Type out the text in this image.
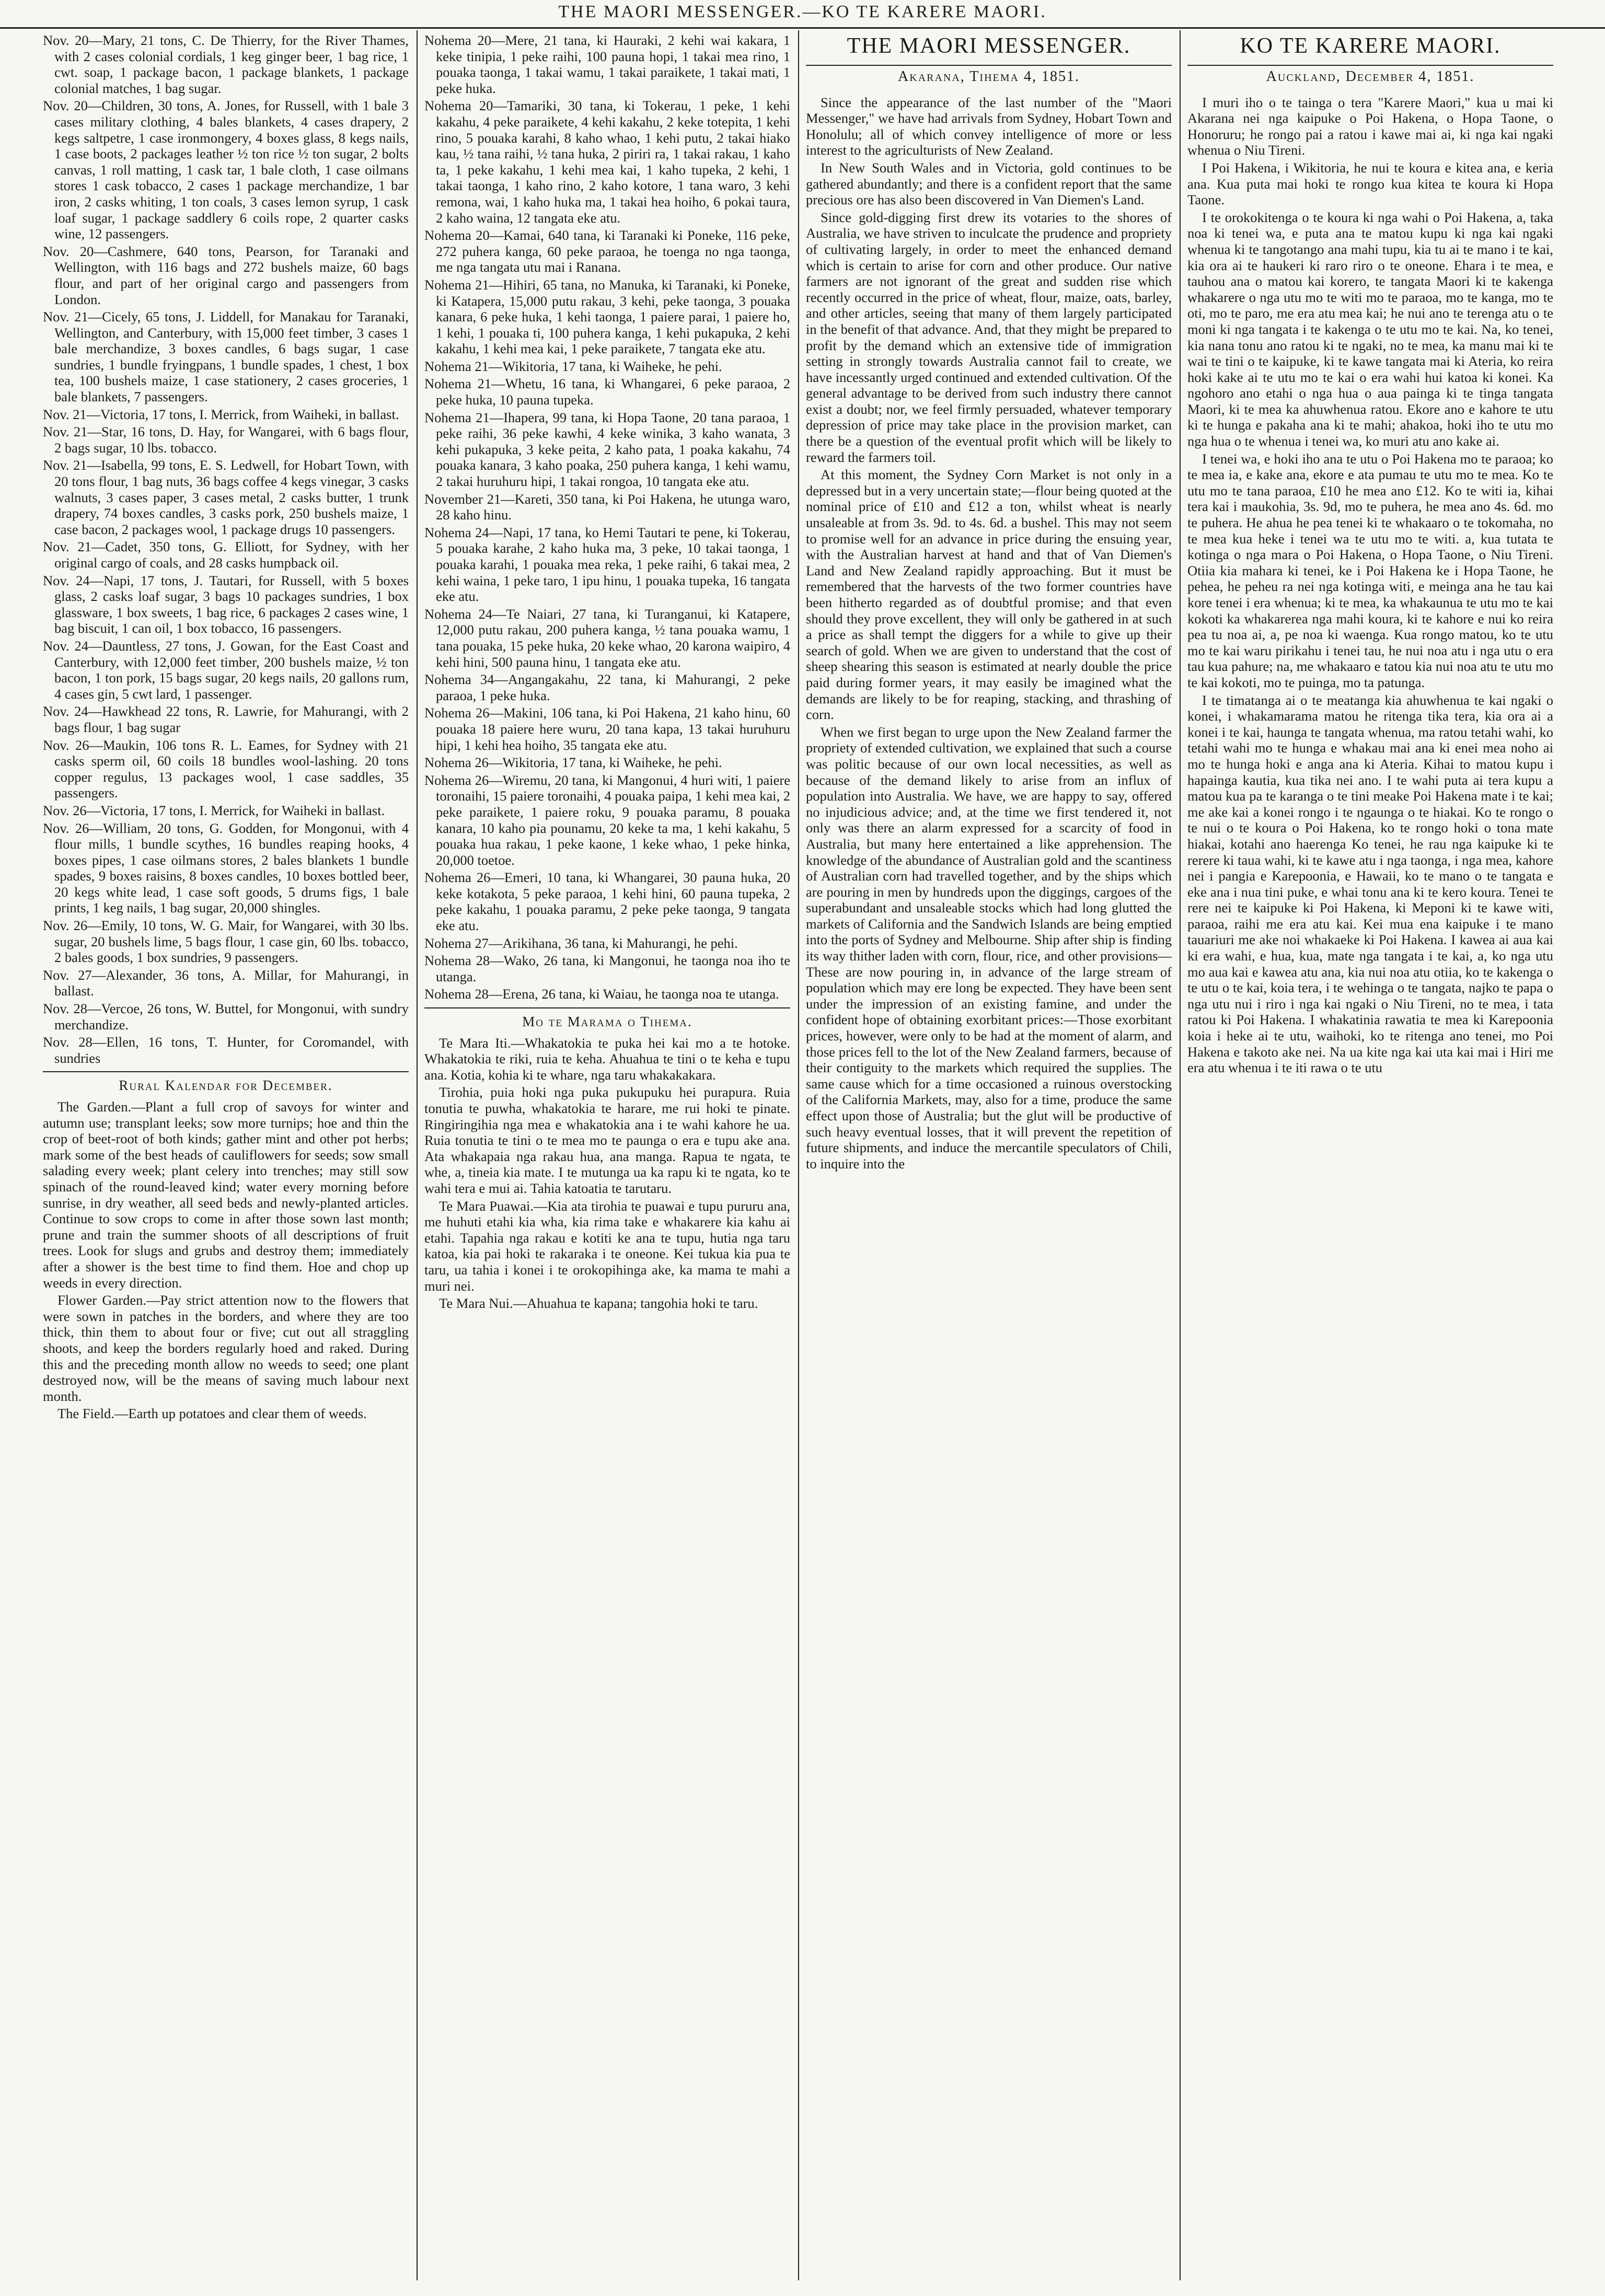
THE MAORI MESSENGER.—KO TE KARERE MAORI.

Nov. 20—Mary, 21 tons, C. De Thierry, for the River Thames, with 2 cases colonial cordials, 1 keg ginger beer, 1 bag rice, 1 cwt. soap, 1 package bacon, 1 package blankets, 1 package colonial matches, 1 bag sugar.

Nov. 20—Children, 30 tons, A. Jones, for Russell, with 1 bale 3 cases military clothing, 4 bales blankets, 4 cases drapery, 2 kegs saltpetre, 1 case ironmongery, 4 boxes glass, 8 kegs nails, 1 case boots, 2 packages leather ½ ton rice ½ ton sugar, 2 bolts canvas, 1 roll matting, 1 cask tar, 1 bale cloth, 1 case oilmans stores 1 cask tobacco, 2 cases 1 package merchandize, 1 bar iron, 2 casks whiting, 1 ton coals, 3 cases lemon syrup, 1 cask loaf sugar, 1 package saddlery 6 coils rope, 2 quarter casks wine, 12 passengers.

Nov. 20—Cashmere, 640 tons, Pearson, for Taranaki and Wellington, with 116 bags and 272 bushels maize, 60 bags flour, and part of her original cargo and passengers from London.

Nov. 21—Cicely, 65 tons, J. Liddell, for Manakau for Taranaki, Wellington, and Canterbury, with 15,000 feet timber, 3 cases 1 bale merchandize, 3 boxes candles, 6 bags sugar, 1 case sundries, 1 bundle fryingpans, 1 bundle spades, 1 chest, 1 box tea, 100 bushels maize, 1 case stationery, 2 cases groceries, 1 bale blankets, 7 passengers.

Nov. 21—Victoria, 17 tons, I. Merrick, from Waiheki, in ballast.

Nov. 21—Star, 16 tons, D. Hay, for Wangarei, with 6 bags flour, 2 bags sugar, 10 lbs. tobacco.

Nov. 21—Isabella, 99 tons, E. S. Ledwell, for Hobart Town, with 20 tons flour, 1 bag nuts, 36 bags coffee 4 kegs vinegar, 3 casks walnuts, 3 cases paper, 3 cases metal, 2 casks butter, 1 trunk drapery, 74 boxes candles, 3 casks pork, 250 bushels maize, 1 case bacon, 2 packages wool, 1 package drugs 10 passengers.

Nov. 21—Cadet, 350 tons, G. Elliott, for Sydney, with her original cargo of coals, and 28 casks humpback oil.

Nov. 24—Napi, 17 tons, J. Tautari, for Russell, with 5 boxes glass, 2 casks loaf sugar, 3 bags 10 packages sundries, 1 box glassware, 1 box sweets, 1 bag rice, 6 packages 2 cases wine, 1 bag biscuit, 1 can oil, 1 box tobacco, 16 passengers.

Nov. 24—Dauntless, 27 tons, J. Gowan, for the East Coast and Canterbury, with 12,000 feet timber, 200 bushels maize, ½ ton bacon, 1 ton pork, 15 bags sugar, 20 kegs nails, 20 gallons rum, 4 cases gin, 5 cwt lard, 1 passenger.

Nov. 24—Hawkhead 22 tons, R. Lawrie, for Mahurangi, with 2 bags flour, 1 bag sugar

Nov. 26—Maukin, 106 tons R. L. Eames, for Sydney with 21 casks sperm oil, 60 coils 18 bundles wool-lashing. 20 tons copper regulus, 13 packages wool, 1 case saddles, 35 passengers.

Nov. 26—Victoria, 17 tons, I. Merrick, for Waiheki in ballast.

Nov. 26—William, 20 tons, G. Godden, for Mongonui, with 4 flour mills, 1 bundle scythes, 16 bundles reaping hooks, 4 boxes pipes, 1 case oilmans stores, 2 bales blankets 1 bundle spades, 9 boxes raisins, 8 boxes candles, 10 boxes bottled beer, 20 kegs white lead, 1 case soft goods, 5 drums figs, 1 bale prints, 1 keg nails, 1 bag sugar, 20,000 shingles.

Nov. 26—Emily, 10 tons, W. G. Mair, for Wangarei, with 30 lbs. sugar, 20 bushels lime, 5 bags flour, 1 case gin, 60 lbs. tobacco, 2 bales goods, 1 box sundries, 9 passengers.

Nov. 27—Alexander, 36 tons, A. Millar, for Mahurangi, in ballast.

Nov. 28—Vercoe, 26 tons, W. Buttel, for Mongonui, with sundry merchandize.

Nov. 28—Ellen, 16 tons, T. Hunter, for Coromandel, with sundries

Rural Kalendar for December.

The Garden.—Plant a full crop of savoys for winter and autumn use; transplant leeks; sow more turnips; hoe and thin the crop of beet-root of both kinds; gather mint and other pot herbs; mark some of the best heads of cauliflowers for seeds; sow small salading every week; plant celery into trenches; may still sow spinach of the round-leaved kind; water every morning before sunrise, in dry weather, all seed beds and newly-planted articles. Continue to sow crops to come in after those sown last month; prune and train the summer shoots of all descriptions of fruit trees. Look for slugs and grubs and destroy them; immediately after a shower is the best time to find them. Hoe and chop up weeds in every direction.

Flower Garden.—Pay strict attention now to the flowers that were sown in patches in the borders, and where they are too thick, thin them to about four or five; cut out all straggling shoots, and keep the borders regularly hoed and raked. During this and the preceding month allow no weeds to seed; one plant destroyed now, will be the means of saving much labour next month.

The Field.—Earth up potatoes and clear them of weeds.

Nohema 20—Mere, 21 tana, ki Hauraki, 2 kehi wai kakara, 1 keke tinipia, 1 peke raihi, 100 pauna hopi, 1 takai mea rino, 1 pouaka taonga, 1 takai wamu, 1 takai paraikete, 1 takai mati, 1 peke huka.

Nohema 20—Tamariki, 30 tana, ki Tokerau, 1 peke, 1 kehi kakahu, 4 peke paraikete, 4 kehi kakahu, 2 keke totepita, 1 kehi rino, 5 pouaka karahi, 8 kaho whao, 1 kehi putu, 2 takai hiako kau, ½ tana raihi, ½ tana huka, 2 piriri ra, 1 takai rakau, 1 kaho ta, 1 peke kakahu, 1 kehi mea kai, 1 kaho tupeka, 2 kehi, 1 takai taonga, 1 kaho rino, 2 kaho kotore, 1 tana waro, 3 kehi remona, wai, 1 kaho huka ma, 1 takai hea hoiho, 6 pokai taura, 2 kaho waina, 12 tangata eke atu.

Nohema 20—Kamai, 640 tana, ki Taranaki ki Poneke, 116 peke, 272 puhera kanga, 60 peke paraoa, he toenga no nga taonga, me nga tangata utu mai i Ranana.

Nohema 21—Hihiri, 65 tana, no Manuka, ki Taranaki, ki Poneke, ki Katapera, 15,000 putu rakau, 3 kehi, peke taonga, 3 pouaka kanara, 6 peke huka, 1 kehi taonga, 1 paiere parai, 1 paiere ho, 1 kehi, 1 pouaka ti, 100 puhera kanga, 1 kehi pukapuka, 2 kehi kakahu, 1 kehi mea kai, 1 peke paraikete, 7 tangata eke atu.

Nohema 21—Wikitoria, 17 tana, ki Waiheke, he pehi.

Nohema 21—Whetu, 16 tana, ki Whangarei, 6 peke paraoa, 2 peke huka, 10 pauna tupeka.

Nohema 21—Ihapera, 99 tana, ki Hopa Taone, 20 tana paraoa, 1 peke raihi, 36 peke kawhi, 4 keke winika, 3 kaho wanata, 3 kehi pukapuka, 3 keke peita, 2 kaho pata, 1 poaka kakahu, 74 pouaka kanara, 3 kaho poaka, 250 puhera kanga, 1 kehi wamu, 2 takai huruhuru hipi, 1 takai rongoa, 10 tangata eke atu.

November 21—Kareti, 350 tana, ki Poi Hakena, he utunga waro, 28 kaho hinu.

Nohema 24—Napi, 17 tana, ko Hemi Tautari te pene, ki Tokerau, 5 pouaka karahe, 2 kaho huka ma, 3 peke, 10 takai taonga, 1 pouaka karahi, 1 pouaka mea reka, 1 peke raihi, 6 takai mea, 2 kehi waina, 1 peke taro, 1 ipu hinu, 1 pouaka tupeka, 16 tangata eke atu.

Nohema 24—Te Naiari, 27 tana, ki Turanganui, ki Katapere, 12,000 putu rakau, 200 puhera kanga, ½ tana pouaka wamu, 1 tana pouaka, 15 peke huka, 20 keke whao, 20 karona waipiro, 4 kehi hini, 500 pauna hinu, 1 tangata eke atu.

Nohema 34—Angangakahu, 22 tana, ki Mahurangi, 2 peke paraoa, 1 peke huka.

Nohema 26—Makini, 106 tana, ki Poi Hakena, 21 kaho hinu, 60 pouaka 18 paiere here wuru, 20 tana kapa, 13 takai huruhuru hipi, 1 kehi hea hoiho, 35 tangata eke atu.

Nohema 26—Wikitoria, 17 tana, ki Waiheke, he pehi.

Nohema 26—Wiremu, 20 tana, ki Mangonui, 4 huri witi, 1 paiere toronaihi, 15 paiere toronaihi, 4 pouaka paipa, 1 kehi mea kai, 2 peke paraikete, 1 paiere roku, 9 pouaka paramu, 8 pouaka kanara, 10 kaho pia pounamu, 20 keke ta ma, 1 kehi kakahu, 5 pouaka hua rakau, 1 peke kaone, 1 keke whao, 1 peke hinka, 20,000 toetoe.

Nohema 26—Emeri, 10 tana, ki Whangarei, 30 pauna huka, 20 keke kotakota, 5 peke paraoa, 1 kehi hini, 60 pauna tupeka, 2 peke kakahu, 1 pouaka paramu, 2 peke peke taonga, 9 tangata eke atu.

Nohema 27—Arikihana, 36 tana, ki Mahurangi, he pehi.

Nohema 28—Wako, 26 tana, ki Mangonui, he taonga noa iho te utanga.

Nohema 28—Erena, 26 tana, ki Waiau, he taonga noa te utanga.

Mo te Marama o Tihema.

Te Mara Iti.—Whakatokia te puka hei kai mo a te hotoke. Whakatokia te riki, ruia te keha. Ahuahua te tini o te keha e tupu ana. Kotia, kohia ki te whare, nga taru whakakakara.

Tirohia, puia hoki nga puka pukupuku hei purapura. Ruia tonutia te puwha, whakatokia te harare, me rui hoki te pinate. Ringiringihia nga mea e whakatokia ana i te wahi kahore he ua. Ruia tonutia te tini o te mea mo te paunga o era e tupu ake ana. Ata whakapaia nga rakau hua, ana manga. Rapua te ngata, te whe, a, tineia kia mate. I te mutunga ua ka rapu ki te ngata, ko te wahi tera e mui ai. Tahia katoatia te tarutaru.

Te Mara Puawai.—Kia ata tirohia te puawai e tupu pururu ana, me huhuti etahi kia wha, kia rima take e whakarere kia kahu ai etahi. Tapahia nga rakau e kotiti ke ana te tupu, hutia nga taru katoa, kia pai hoki te rakaraka i te oneone. Kei tukua kia pua te taru, ua tahia i konei i te orokopihinga ake, ka mama te mahi a muri nei.

Te Mara Nui.—Ahuahua te kapana; tangohia hoki te taru.

THE MAORI MESSENGER.
Akarana, Tihema 4, 1851.

Since the appearance of the last number of the "Maori Messenger," we have had arrivals from Sydney, Hobart Town and Honolulu; all of which convey intelligence of more or less interest to the agriculturists of New Zealand.

In New South Wales and in Victoria, gold continues to be gathered abundantly; and there is a confident report that the same precious ore has also been discovered in Van Diemen's Land.

Since gold-digging first drew its votaries to the shores of Australia, we have striven to inculcate the prudence and propriety of cultivating largely, in order to meet the enhanced demand which is certain to arise for corn and other produce. Our native farmers are not ignorant of the great and sudden rise which recently occurred in the price of wheat, flour, maize, oats, barley, and other articles, seeing that many of them largely participated in the benefit of that advance. And, that they might be prepared to profit by the demand which an extensive tide of immigration setting in strongly towards Australia cannot fail to create, we have incessantly urged continued and extended cultivation. Of the general advantage to be derived from such industry there cannot exist a doubt; nor, we feel firmly persuaded, whatever temporary depression of price may take place in the provision market, can there be a question of the eventual profit which will be likely to reward the farmers toil.

At this moment, the Sydney Corn Market is not only in a depressed but in a very uncertain state;—flour being quoted at the nominal price of £10 and £12 a ton, whilst wheat is nearly unsaleable at from 3s. 9d. to 4s. 6d. a bushel. This may not seem to promise well for an advance in price during the ensuing year, with the Australian harvest at hand and that of Van Diemen's Land and New Zealand rapidly approaching. But it must be remembered that the harvests of the two former countries have been hitherto regarded as of doubtful promise; and that even should they prove excellent, they will only be gathered in at such a price as shall tempt the diggers for a while to give up their search of gold. When we are given to understand that the cost of sheep shearing this season is estimated at nearly double the price paid during former years, it may easily be imagined what the demands are likely to be for reaping, stacking, and thrashing of corn.

When we first began to urge upon the New Zealand farmer the propriety of extended cultivation, we explained that such a course was politic because of our own local necessities, as well as because of the demand likely to arise from an influx of population into Australia. We have, we are happy to say, offered no injudicious advice; and, at the time we first tendered it, not only was there an alarm expressed for a scarcity of food in Australia, but many here entertained a like apprehension. The knowledge of the abundance of Australian gold and the scantiness of Australian corn had travelled together, and by the ships which are pouring in men by hundreds upon the diggings, cargoes of the superabundant and unsaleable stocks which had long glutted the markets of California and the Sandwich Islands are being emptied into the ports of Sydney and Melbourne. Ship after ship is finding its way thither laden with corn, flour, rice, and other provisions—These are now pouring in, in advance of the large stream of population which may ere long be expected. They have been sent under the impression of an existing famine, and under the confident hope of obtaining exorbitant prices:—Those exorbitant prices, however, were only to be had at the moment of alarm, and those prices fell to the lot of the New Zealand farmers, because of their contiguity to the markets which required the supplies. The same cause which for a time occasioned a ruinous overstocking of the California Markets, may, also for a time, produce the same effect upon those of Australia; but the glut will be productive of such heavy eventual losses, that it will prevent the repetition of future shipments, and induce the mercantile speculators of Chili, to inquire into the

KO TE KARERE MAORI.
Auckland, December 4, 1851.

I muri iho o te tainga o tera "Karere Maori," kua u mai ki Akarana nei nga kaipuke o Poi Hakena, o Hopa Taone, o Honoruru; he rongo pai a ratou i kawe mai ai, ki nga kai ngaki whenua o Niu Tireni.

I Poi Hakena, i Wikitoria, he nui te koura e kitea ana, e keria ana. Kua puta mai hoki te rongo kua kitea te koura ki Hopa Taone.

I te orokokitenga o te koura ki nga wahi o Poi Hakena, a, taka noa ki tenei wa, e puta ana te matou kupu ki nga kai ngaki whenua ki te tangotango ana mahi tupu, kia tu ai te mano i te kai, kia ora ai te haukeri ki raro riro o te oneone. Ehara i te mea, e tauhou ana o matou kai korero, te tangata Maori ki te kakenga whakarere o nga utu mo te witi mo te paraoa, mo te kanga, mo te oti, mo te paro, me era atu mea kai; he nui ano te terenga atu o te moni ki nga tangata i te kakenga o te utu mo te kai. Na, ko tenei, kia nana tonu ano ratou ki te ngaki, no te mea, ka manu mai ki te wai te tini o te kaipuke, ki te kawe tangata mai ki Ateria, ko reira hoki kake ai te utu mo te kai o era wahi hui katoa ki konei. Ka ngohoro ano etahi o nga hua o aua painga ki te tinga tangata Maori, ki te mea ka ahuwhenua ratou. Ekore ano e kahore te utu ki te hunga e pakaha ana ki te mahi; ahakoa, hoki iho te utu mo nga hua o te whenua i tenei wa, ko muri atu ano kake ai.

I tenei wa, e hoki iho ana te utu o Poi Hakena mo te paraoa; ko te mea ia, e kake ana, ekore e ata pumau te utu mo te mea. Ko te utu mo te tana paraoa, £10 he mea ano £12. Ko te witi ia, kihai tera kai i maukohia, 3s. 9d, mo te puhera, he mea ano 4s. 6d. mo te puhera. He ahua he pea tenei ki te whakaaro o te tokomaha, no te mea kua heke i tenei wa te utu mo te witi. a, kua tutata te kotinga o nga mara o Poi Hakena, o Hopa Taone, o Niu Tireni. Otiia kia mahara ki tenei, ke i Poi Hakena ke i Hopa Taone, he pehea, he peheu ra nei nga kotinga witi, e meinga ana he tau kai kore tenei i era whenua; ki te mea, ka whakaunua te utu mo te kai kokoti ka whakarerea nga mahi koura, ki te kahore e nui ko reira pea tu noa ai, a, pe noa ki waenga. Kua rongo matou, ko te utu mo te kai waru pirikahu i tenei tau, he nui noa atu i nga utu o era tau kua pahure; na, me whakaaro e tatou kia nui noa atu te utu mo te kai kokoti, mo te puinga, mo ta patunga.

I te timatanga ai o te meatanga kia ahuwhenua te kai ngaki o konei, i whakamarama matou he ritenga tika tera, kia ora ai a konei i te kai, haunga te tangata whenua, ma ratou tetahi wahi, ko tetahi wahi mo te hunga e whakau mai ana ki enei mea noho ai mo te hunga hoki e anga ana ki Ateria. Kihai to matou kupu i hapainga kautia, kua tika nei ano. I te wahi puta ai tera kupu a matou kua pa te karanga o te tini meake Poi Hakena mate i te kai; me ake kai a konei rongo i te ngaunga o te hiakai. Ko te rongo o te nui o te koura o Poi Hakena, ko te rongo hoki o tona mate hiakai, kotahi ano haerenga Ko tenei, he rau nga kaipuke ki te rerere ki taua wahi, ki te kawe atu i nga taonga, i nga mea, kahore nei i pangia e Karepoonia, e Hawaii, ko te mano o te tangata e eke ana i nua tini puke, e whai tonu ana ki te kero koura. Tenei te rere nei te kaipuke ki Poi Hakena, ki Meponi ki te kawe witi, paraoa, raihi me era atu kai. Kei mua ena kaipuke i te mano tauariuri me ake noi whakaeke ki Poi Hakena. I kawea ai aua kai ki era wahi, e hua, kua, mate nga tangata i te kai, a, ko nga utu mo aua kai e kawea atu ana, kia nui noa atu otiia, ko te kakenga o te utu o te kai, koia tera, i te wehinga o te tangata, najko te papa o nga utu nui i riro i nga kai ngaki o Niu Tireni, no te mea, i tata ratou ki Poi Hakena. I whakatinia rawatia te mea ki Karepoonia koia i heke ai te utu, waihoki, ko te ritenga ano tenei, mo Poi Hakena e takoto ake nei. Na ua kite nga kai uta kai mai i Hiri me era atu whenua i te iti rawa o te utu
